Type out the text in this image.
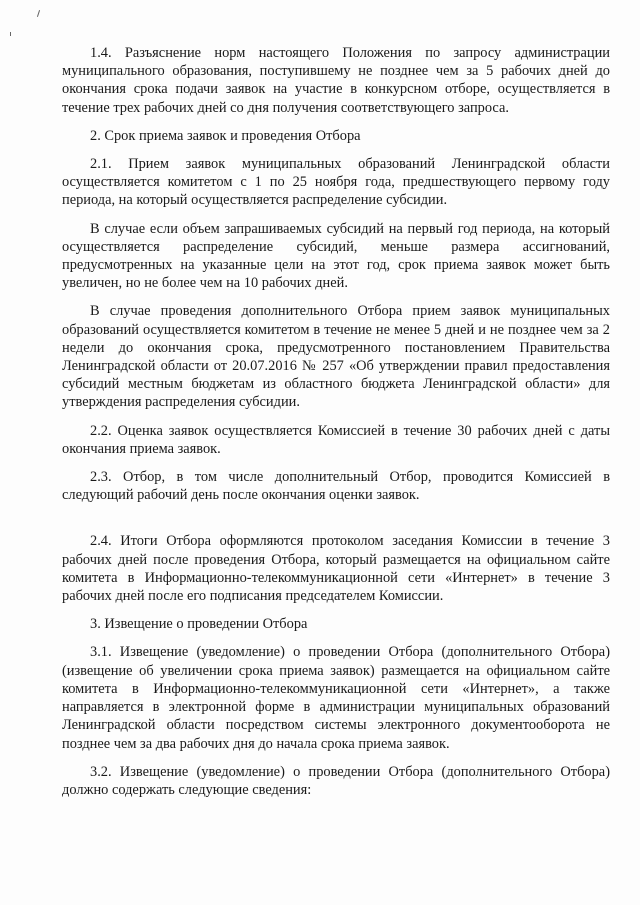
1.4. Разъяснение норм настоящего Положения по запросу администрации муниципального образования, поступившему не позднее чем за 5 рабочих дней до окончания срока подачи заявок на участие в конкурсном отборе, осуществляется в течение трех рабочих дней со дня получения соответствующего запроса.

2. Срок приема заявок и проведения Отбора

2.1. Прием заявок муниципальных образований Ленинградской области осуществляется комитетом с 1 по 25 ноября года, предшествующего первому году периода, на который осуществляется распределение субсидии.

В случае если объем запрашиваемых субсидий на первый год периода, на который осуществляется распределение субсидий, меньше размера ассигнований, предусмотренных на указанные цели на этот год, срок приема заявок может быть увеличен, но не более чем на 10 рабочих дней.

В случае проведения дополнительного Отбора прием заявок муниципальных образований осуществляется комитетом в течение не менее 5 дней и не позднее чем за 2 недели до окончания срока, предусмотренного постановлением Правительства Ленинградской области от 20.07.2016 № 257 «Об утверждении правил предоставления субсидий местным бюджетам из областного бюджета Ленинградской области» для утверждения распределения субсидии.

2.2. Оценка заявок осуществляется Комиссией в течение 30 рабочих дней с даты окончания приема заявок.

2.3. Отбор, в том числе дополнительный Отбор, проводится Комиссией в следующий рабочий день после окончания оценки заявок.

2.4. Итоги Отбора оформляются протоколом заседания Комиссии в течение 3 рабочих дней после проведения Отбора, который размещается на официальном сайте комитета в Информационно-телекоммуникационной сети «Интернет» в течение 3 рабочих дней после его подписания председателем Комиссии.

3. Извещение о проведении Отбора

3.1. Извещение (уведомление) о проведении Отбора (дополнительного Отбора) (извещение об увеличении срока приема заявок) размещается на официальном сайте комитета в Информационно-телекоммуникационной сети «Интернет», а также направляется в электронной форме в администрации муниципальных образований Ленинградской области посредством системы электронного документооборота не позднее чем за два рабочих дня до начала срока приема заявок.

3.2. Извещение (уведомление) о проведении Отбора (дополнительного Отбора) должно содержать следующие сведения:
